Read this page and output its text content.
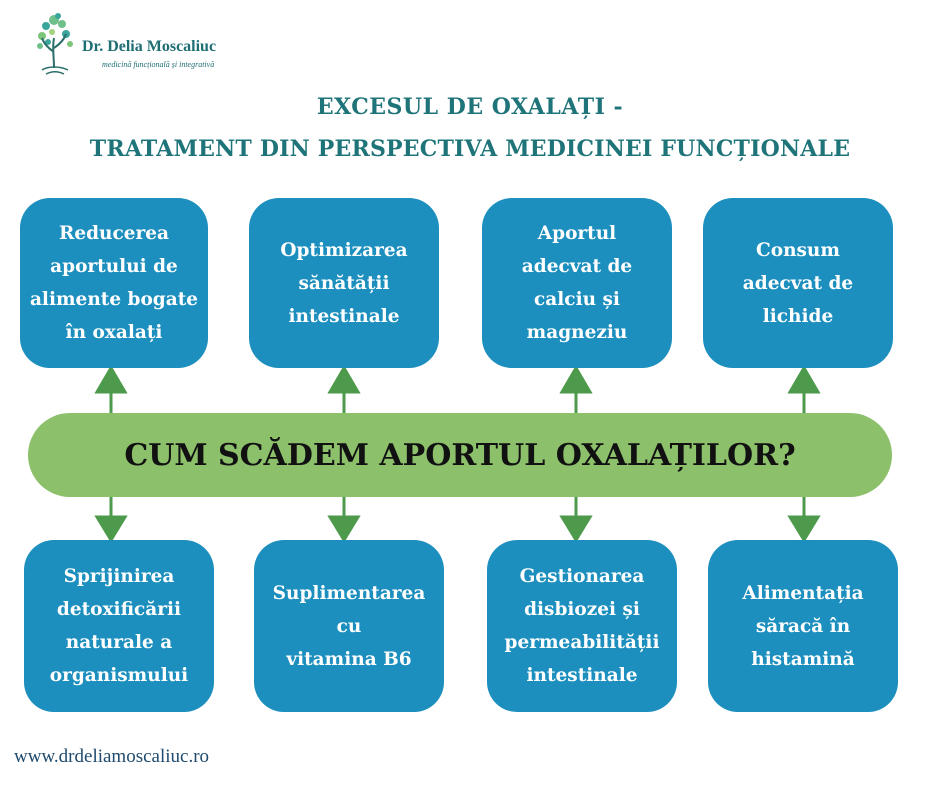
Dr. Delia Moscaliuc
medicină funcțională și integrativă
EXCESUL DE OXALAȚI -
TRATAMENT DIN PERSPECTIVA MEDICINEI FUNCȚIONALE
Reducerea
aportului de
alimente bogate
în oxalați
Optimizarea
sănătății
intestinale
Aportul
adecvat de
calciu și
magneziu
Consum
adecvat de
lichide
CUM SCĂDEM APORTUL OXALAȚILOR?
Sprijinirea
detoxificării
naturale a
organismului
Suplimentarea
cu
vitamina B6
Gestionarea
disbiozei și
permeabilității
intestinale
Alimentația
săracă în
histamină
www.drdeliamoscaliuc.ro
